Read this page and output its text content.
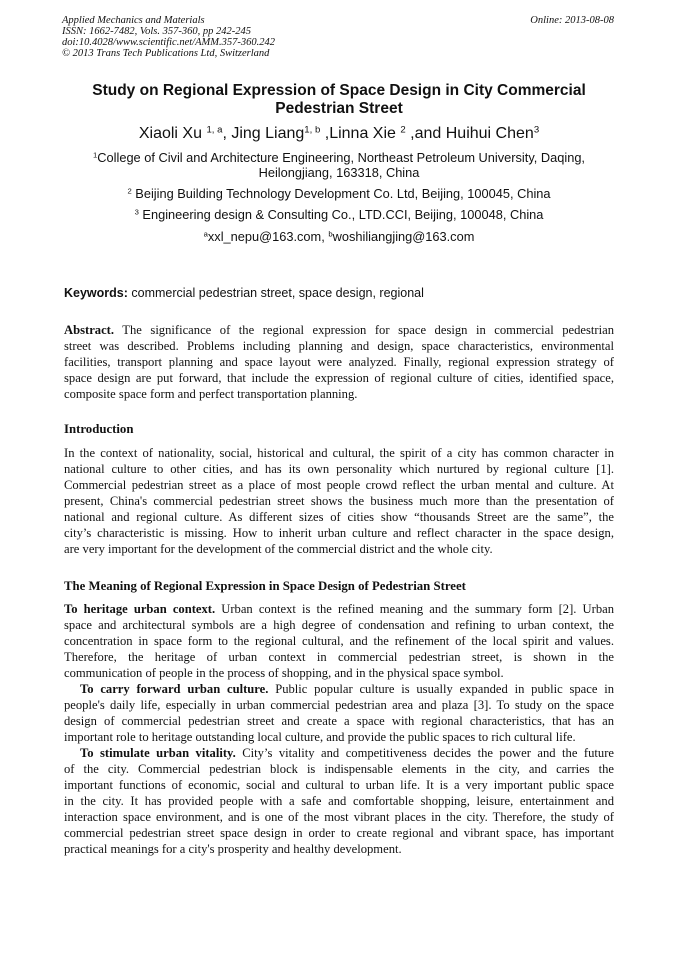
Applied Mechanics and Materials
ISSN: 1662-7482, Vols. 357-360, pp 242-245
doi:10.4028/www.scientific.net/AMM.357-360.242
© 2013 Trans Tech Publications Ltd, Switzerland
Online: 2013-08-08
Study on Regional Expression of Space Design in City Commercial
Pedestrian Street
Xiaoli Xu $^{1, a}$, Jing Liang$^{1, b}$ ,Linna Xie $^2$ ,and Huihui Chen$^3$
$^1$College of Civil and Architecture Engineering, Northeast Petroleum University, Daqing,
Heilongjiang, 163318, China
$^2$ Beijing Building Technology Development Co. Ltd, Beijing, 100045, China
$^3$ Engineering design & Consulting Co., LTD.CCI, Beijing, 100048, China
$^a$xxl_nepu@163.com, $^b$woshiliangjing@163.com
Keywords: commercial pedestrian street, space design, regional
Abstract. The significance of the regional expression for space design in commercial pedestrian
street was described. Problems including planning and design, space characteristics, environmental
facilities, transport planning and space layout were analyzed. Finally, regional expression strategy of
space design are put forward, that include the expression of regional culture of cities, identified space,
composite space form and perfect transportation planning.
Introduction
In the context of nationality, social, historical and cultural, the spirit of a city has common character in
national culture to other cities, and has its own personality which nurtured by regional culture [1].
Commercial pedestrian street as a place of most people crowd reflect the urban mental and culture. At
present, China's commercial pedestrian street shows the business much more than the presentation of
national and regional culture. As different sizes of cities show “thousands Street are the same”, the
city’s characteristic is missing. How to inherit urban culture and reflect character in the space design,
are very important for the development of the commercial district and the whole city.
The Meaning of Regional Expression in Space Design of Pedestrian Street
To heritage urban context. Urban context is the refined meaning and the summary form [2]. Urban
space and architectural symbols are a high degree of condensation and refining to urban context, the
concentration in space form to the regional cultural, and the refinement of the local spirit and values.
Therefore, the heritage of urban context in commercial pedestrian street, is shown in the
communication of people in the process of shopping, and in the physical space symbol.
To carry forward urban culture. Public popular culture is usually expanded in public space in
people's daily life, especially in urban commercial pedestrian area and plaza [3]. To study on the space
design of commercial pedestrian street and create a space with regional characteristics, that has an
important role to heritage outstanding local culture, and provide the public spaces to rich cultural life.
To stimulate urban vitality. City’s vitality and competitiveness decides the power and the future
of the city. Commercial pedestrian block is indispensable elements in the city, and carries the
important functions of economic, social and cultural to urban life. It is a very important public space
in the city. It has provided people with a safe and comfortable shopping, leisure, entertainment and
interaction space environment, and is one of the most vibrant places in the city. Therefore, the study of
commercial pedestrian street space design in order to create regional and vibrant space, has important
practical meanings for a city's prosperity and healthy development.
